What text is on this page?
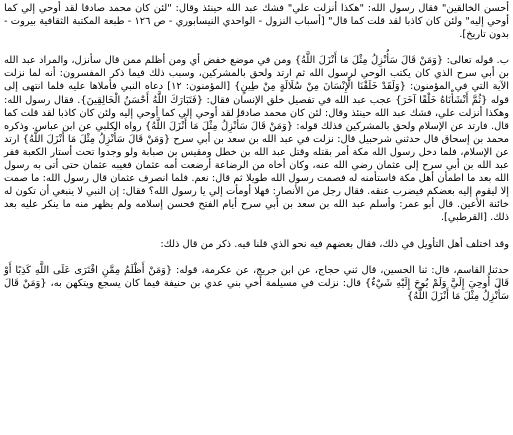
أحسن الخالقين" فقال رسول الله: "هكذا أنزلت علي" فشك عبد الله حينئذ وقال: "لئن كان محمد صادقا لقد أوحي إلي كما أوحي إليه" ولئن كان كاذبا لقد قلت كما قال" [أسباب النزول - الواحدي النيسابوري - ص ١٢٦ - طبعة المكتبة الثقافية بيروت - بدون تاريخ].

ب. قوله تعالى: {وَمَنْ قَالَ سَأُنْزِلُ مِثْلَ مَا أَنْزَلَ اللَّهُ} ومن في موضع خفض أي ومن أظلم ممن قال سأنزل، والمراد عبد الله بن أبي سرح الذي كان يكتب الوحي لرسول الله ثم ارتد ولحق بالمشركين، وسبب ذلك فيما ذكر المفسرون: أنه لما نزلت الآية التي في المؤمنون: {وَلَقَدْ خَلَقْنَا الْإِنْسَانَ مِنْ سُلَالَةٍ مِنْ طِينٍ} [المؤمنون: ١٢] دعاه النبي فأملاها عليه فلما انتهى إلى قوله {ثُمَّ أَنْشَأْنَاهُ خَلْقًا آخَرَ} عجب عبد الله في تفصيل خلق الإنسان فقال: {فَتَبَارَكَ اللَّهُ أَحْسَنُ الْخَالِقِينَ}. فقال رسول الله: وهكذا أنزلت علي، فشك عبد الله حينئذ وقال: لئن كان محمد صادقا لقد أوحي إلي كما أوحي إليه ولئن كان كاذبا لقد قلت كما قال. فارتد عن الإسلام ولحق بالمشركين فذلك قوله: {وَمَنْ قَالَ سَأُنْزِلُ مِثْلَ مَا أَنْزَلَ اللَّهُ} رواه الكلبي عن ابن عباس. وذكره محمد بن إسحاق قال حدثني شرحبيل قال: نزلت في عبد الله بن سعد بن أبي سرح {وَمَنْ قَالَ سَأُنْزِلُ مِثْلَ مَا أَنْزَلَ اللَّهُ} ارتد عن الإسلام، فلما دخل رسول الله مكة أمر بقتله وقتل عبد الله بن خطل ومقيس بن صبابة ولو وجدوا تحت أستار الكعبة ففر عبد الله بن أبي سرح إلى عثمان رضي الله عنه، وكان أخاه من الرضاعة أرضعت أمه عثمان فغيبه عثمان حتى أتى به رسول الله بعد ما اطمأن أهل مكة فاستأمنه له فصمت رسول الله طويلا ثم قال: نعم. فلما انصرف عثمان قال رسول الله: ما صمت إلا ليقوم إليه بعضكم فيضرب عنقه. فقال رجل من الأنصار: فهلا أومأت إلي يا رسول الله؟ فقال: إن النبي لا ينبغي أن تكون له خائنة الأعين. قال أبو عمر: وأسلم عبد الله بن سعد بن أبي سرح أيام الفتح فحسن إسلامه ولم يظهر منه ما ينكر عليه بعد ذلك. [القرطبي].

وقد اختلف أهل التأويل في ذلك، فقال بعضهم فيه نحو الذي قلنا فيه. ذكر من قال ذلك:

حدثنا القاسم، قال: ثنا الحسين، قال ثني حجاج، عن ابن جريج، عن عكرمة، قوله: {وَمَنْ أَظْلَمُ مِمَّنِ افْتَرَى عَلَى اللَّهِ كَذِبًا أَوْ قَالَ أُوحِيَ إِلَيَّ وَلَمْ يُوحَ إِلَيْهِ شَيْءٌ} قال: نزلت في مسيلمة أخي بني عدي بن حنيفة فيما كان يسجع ويتكهن به، {وَمَنْ قَالَ سَأُنْزِلُ مِثْلَ مَا أَنْزَلَ اللَّهُ}
